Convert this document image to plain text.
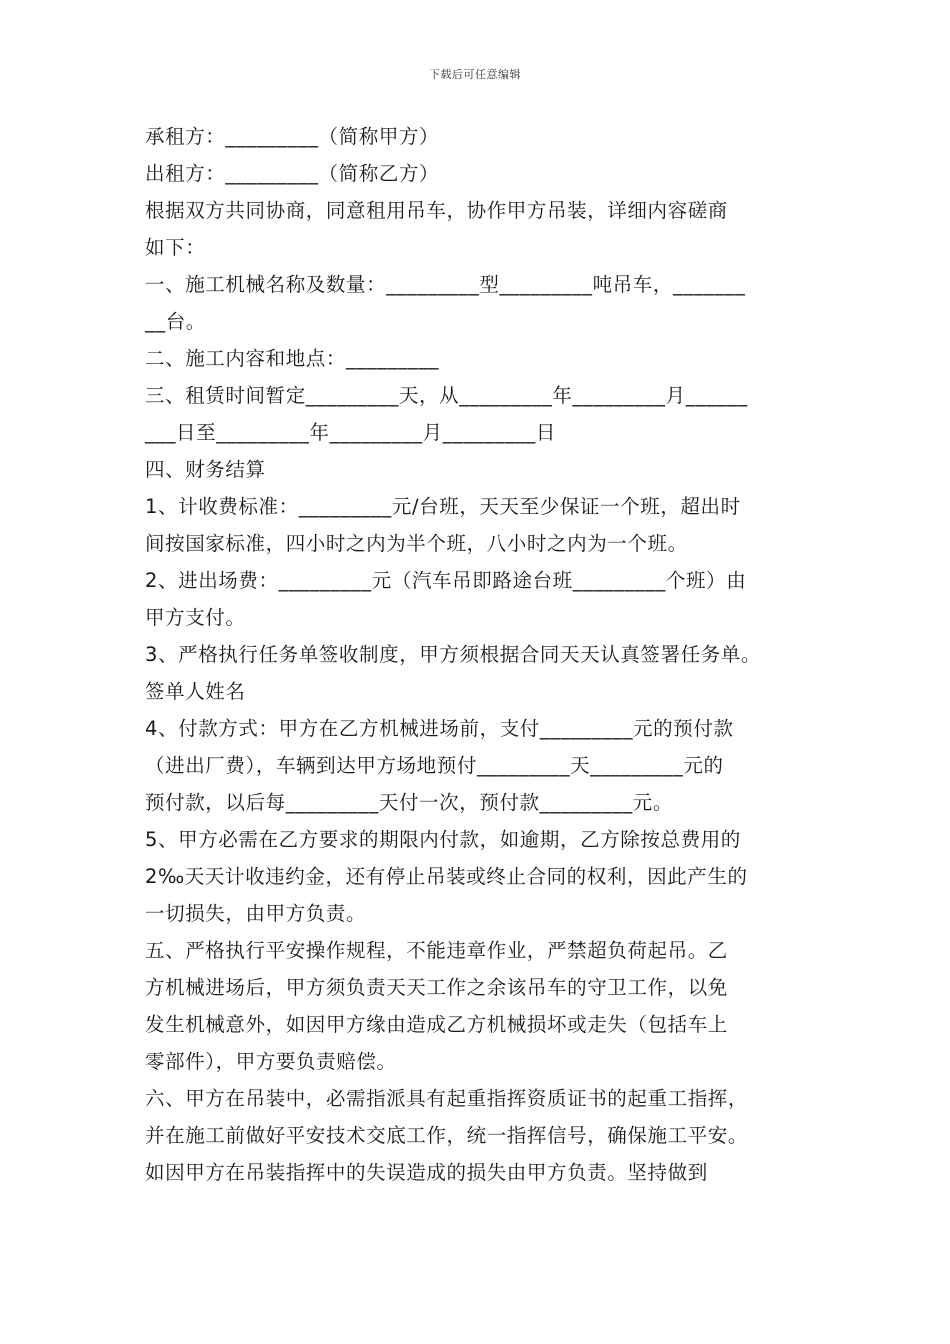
下载后可任意编辑
承租方：_________（简称甲方）
出租方：_________（简称乙方）
根据双方共同协商，同意租用吊车，协作甲方吊装，详细内容磋商
如下：
一、施工机械名称及数量：_________型_________吨吊车，_______
__台。
二、施工内容和地点：_________
三、租赁时间暂定_________天，从_________年_________月______
___日至_________年_________月_________日
四、财务结算
1、计收费标准：_________元/台班，天天至少保证一个班，超出时
间按国家标准，四小时之内为半个班，八小时之内为一个班。
2、进出场费：_________元（汽车吊即路途台班_________个班）由
甲方支付。
3、严格执行任务单签收制度，甲方须根据合同天天认真签署任务单。
签单人姓名
4、付款方式：甲方在乙方机械进场前，支付_________元的预付款
（进出厂费），车辆到达甲方场地预付_________天_________元的
预付款，以后每_________天付一次，预付款_________元。
5、甲方必需在乙方要求的期限内付款，如逾期，乙方除按总费用的
2‰天天计收违约金，还有停止吊装或终止合同的权利，因此产生的
一切损失，由甲方负责。
五、严格执行平安操作规程，不能违章作业，严禁超负荷起吊。乙
方机械进场后，甲方须负责天天工作之余该吊车的守卫工作，以免
发生机械意外，如因甲方缘由造成乙方机械损坏或走失（包括车上
零部件），甲方要负责赔偿。
六、甲方在吊装中，必需指派具有起重指挥资质证书的起重工指挥，
并在施工前做好平安技术交底工作，统一指挥信号，确保施工平安。
如因甲方在吊装指挥中的失误造成的损失由甲方负责。坚持做到
